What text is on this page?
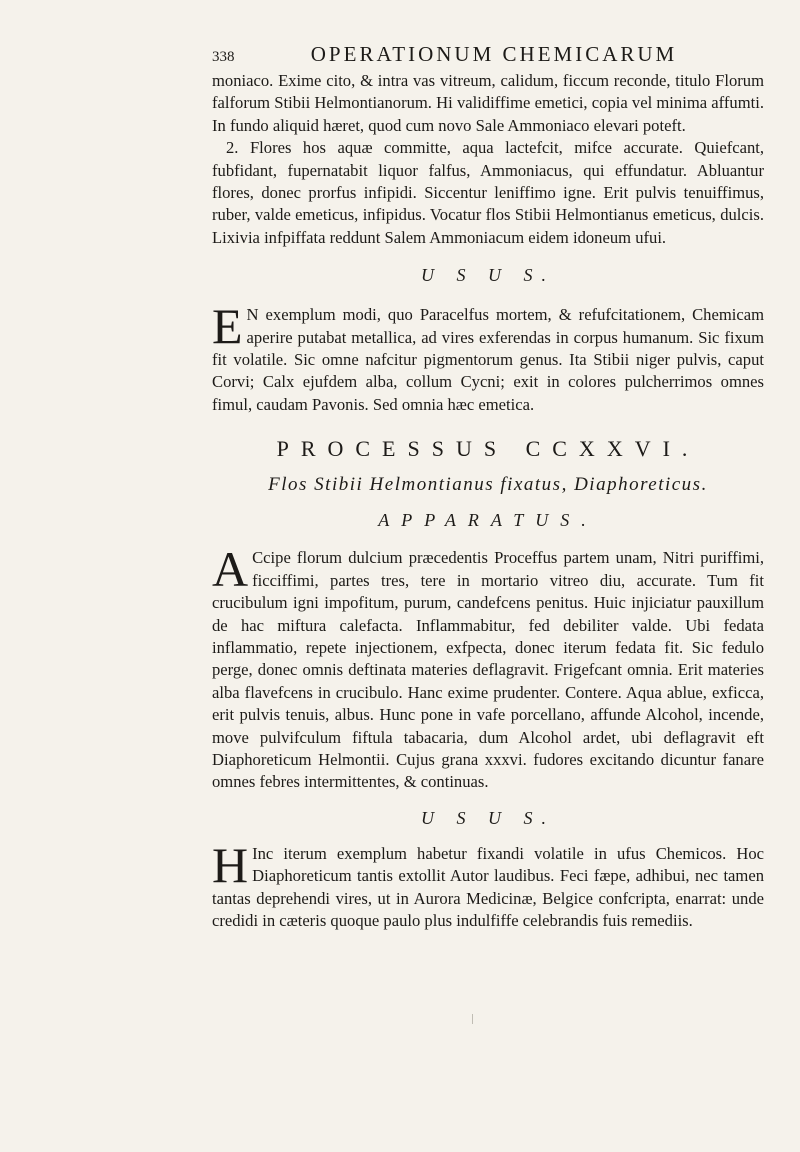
338	OPERATIONUM CHEMICARUM

moniaco. Exime cito, & intra vas vitreum, calidum, ficcum reconde, titulo Florum falforum Stibii Helmontianorum. Hi validiffime emetici, copia vel minima affumti. In fundo aliquid hæret, quod cum novo Sale Ammoniaco elevari poteft.

2. Flores hos aquæ committe, aqua lactefcit, mifce accurate. Quiefcant, fubfidant, fupernatabit liquor falfus, Ammoniacus, qui effundatur. Abluantur flores, donec prorfus infipidi. Siccentur leniffimo igne. Erit pulvis tenuiffimus, ruber, valde emeticus, infipidus. Vocatur flos Stibii Helmontianus emeticus, dulcis. Lixivia infpiffata reddunt Salem Ammoniacum eidem idoneum ufui.

U S U S.

E N exemplum modi, quo Paracelfus mortem, & refufcitationem, Chemicam aperire putabat metallica, ad vires exferendas in corpus humanum. Sic fixum fit volatile. Sic omne nafcitur pigmentorum genus. Ita Stibii niger pulvis, caput Corvi; Calx ejufdem alba, collum Cycni; exit in colores pulcherrimos omnes fimul, caudam Pavonis. Sed omnia hæc emetica.

PROCESSUS CCXXVI.
Flos Stibii Helmontianus fixatus, Diaphoreticus.
APPARATUS.

A Ccipe florum dulcium præcedentis Proceffus partem unam, Nitri puriffimi, ficciffimi, partes tres, tere in mortario vitreo diu, accurate. Tum fit crucibulum igni impofitum, purum, candefcens penitus. Huic injiciatur pauxillum de hac miftura calefacta. Inflammabitur, fed debiliter valde. Ubi fedata inflammatio, repete injectionem, exfpecta, donec iterum fedata fit. Sic fedulo perge, donec omnis deftinata materies deflagravit. Frigefcant omnia. Erit materies alba flavefcens in crucibulo. Hanc exime prudenter. Contere. Aqua ablue, exficca, erit pulvis tenuis, albus. Hunc pone in vafe porcellano, affunde Alcohol, incende, move pulvifculum fiftula tabacaria, dum Alcohol ardet, ubi deflagravit eft Diaphoreticum Helmontii. Cujus grana xxxvi. fudores excitando dicuntur fanare omnes febres intermittentes, & continuas.

U S U S.

H Inc iterum exemplum habetur fixandi volatile in ufus Chemicos. Hoc Diaphoreticum tantis extollit Autor laudibus. Feci fæpe, adhibui, nec tamen tantas deprehendi vires, ut in Aurora Medicinæ, Belgice confcripta, enarrat: unde credidi in cæteris quoque paulo plus indulfiffe celebrandis fuis remediis.
